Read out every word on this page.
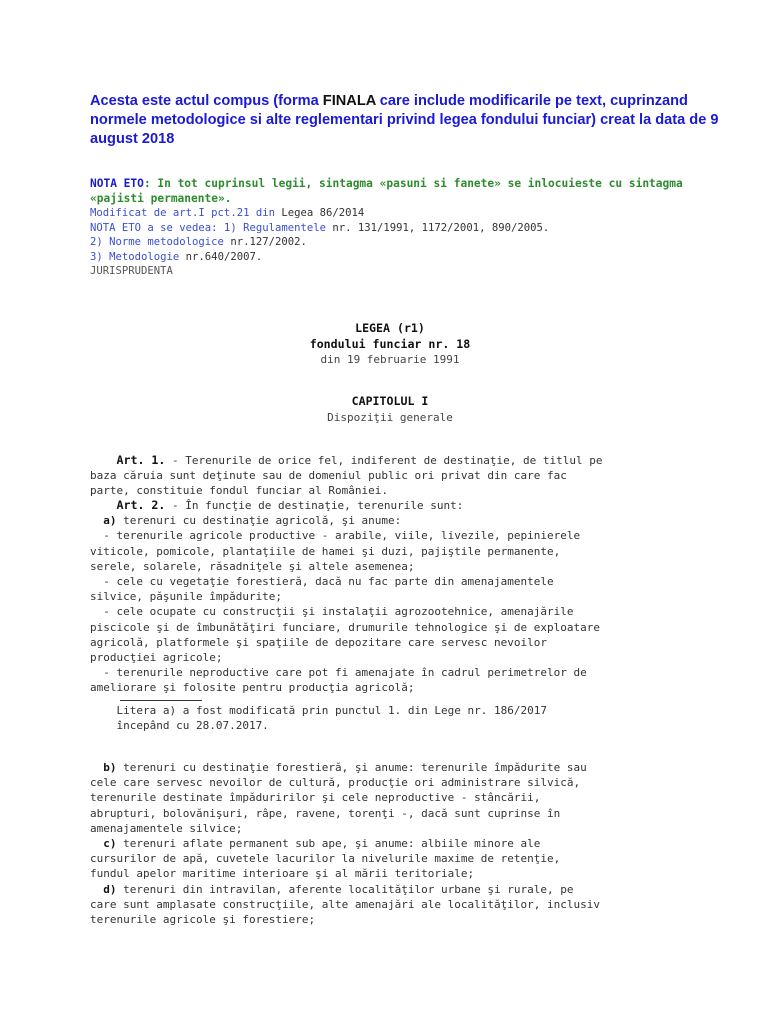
Acesta este actul compus (forma FINALA care include modificarile pe text, cuprinzand normele metodologice si alte reglementari privind legea fondului funciar) creat la data de 9 august 2018
NOTA ETO: In tot cuprinsul legii, sintagma «pasuni si fanete» se inlocuieste cu sintagma «pajisti permanente».
Modificat de art.I pct.21 din Legea 86/2014
NOTA ETO a se vedea: 1) Regulamentele nr. 131/1991, 1172/2001, 890/2005.
2) Norme metodologice nr.127/2002.
3) Metodologie nr.640/2007.
JURISPRUDENTA
LEGEA (r1)
fondului funciar nr. 18
din 19 februarie 1991
CAPITOLUL I
Dispoziţii generale
Art. 1. - Terenurile de orice fel, indiferent de destinaţie, de titlul pe
baza căruia sunt deţinute sau de domeniul public ori privat din care fac
parte, constituie fondul funciar al României.
Art. 2. - În funcţie de destinaţie, terenurile sunt:
a) terenuri cu destinaţie agricolă, şi anume:
- terenurile agricole productive - arabile, viile, livezile, pepinierele
viticole, pomicole, plantaţiile de hamei şi duzi, pajiştile permanente,
serele, solarele, răsadniţele şi altele asemenea;
- cele cu vegetaţie forestieră, dacă nu fac parte din amenajamentele
silvice, păşunile împădurite;
- cele ocupate cu construcţii şi instalaţii agrozootehnice, amenajările
piscicole şi de îmbunătăţiri funciare, drumurile tehnologice şi de exploatare
agricolă, platformele şi spaţiile de depozitare care servesc nevoilor
producţiei agricole;
- terenurile neproductive care pot fi amenajate în cadrul perimetrelor de
ameliorare şi folosite pentru producţia agricolă;
Litera a) a fost modificată prin punctul 1. din Lege nr. 186/2017
începând cu 28.07.2017.
b) terenuri cu destinaţie forestieră, şi anume: terenurile împădurite sau
cele care servesc nevoilor de cultură, producţie ori administrare silvică,
terenurile destinate împăduririlor şi cele neproductive - stâncării,
abrupturi, bolovănişuri, râpe, ravene, torenţi -, dacă sunt cuprinse în
amenajamentele silvice;
c) terenuri aflate permanent sub ape, şi anume: albiile minore ale
cursurilor de apă, cuvetele lacurilor la nivelurile maxime de retenţie,
fundul apelor maritime interioare şi al mării teritoriale;
d) terenuri din intravilan, aferente localităţilor urbane şi rurale, pe
care sunt amplasate construcţiile, alte amenajări ale localităţilor, inclusiv
terenurile agricole şi forestiere;
